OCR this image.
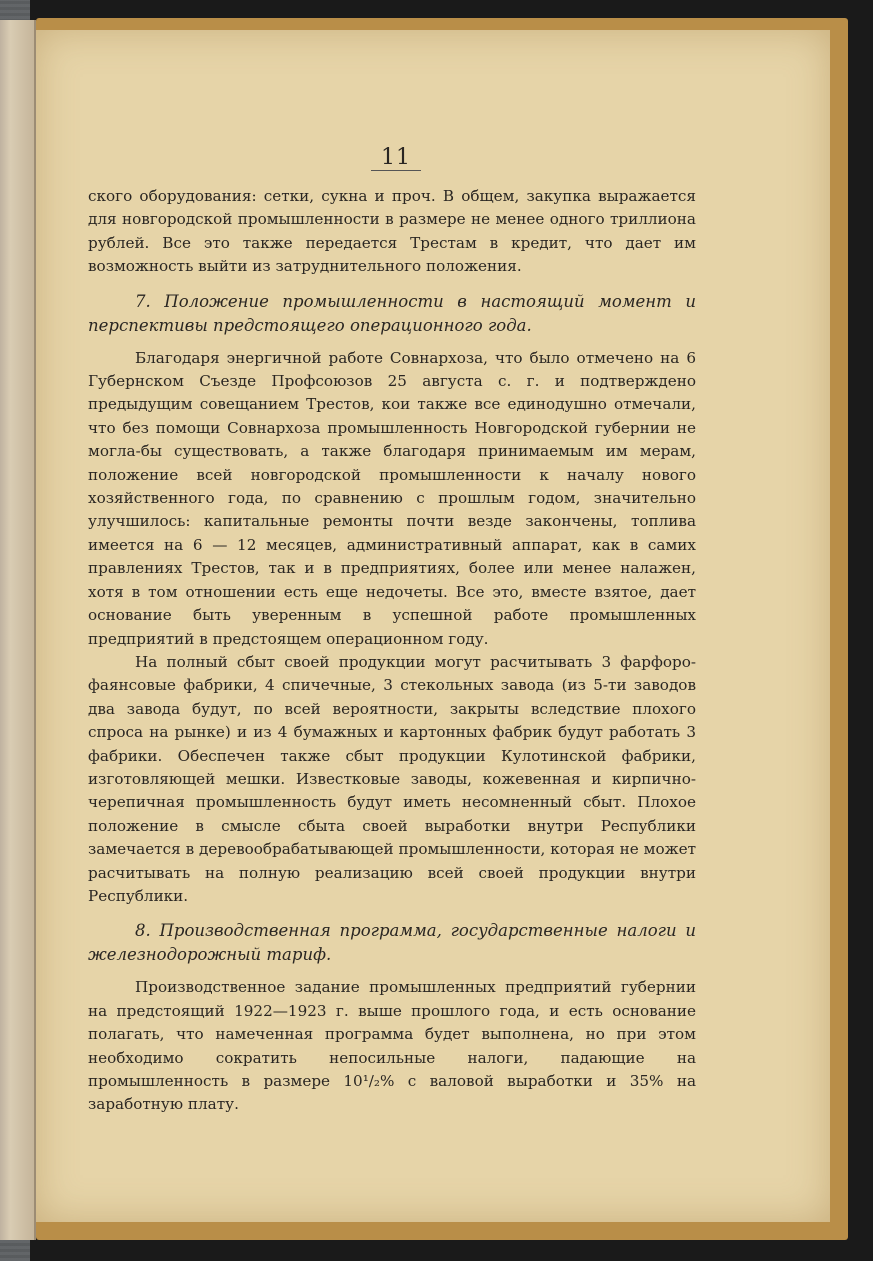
11

ского оборудования: сетки, сукна и проч. В общем, закупка выражается для новгородской промышленности в размере не менее одного триллиона рублей. Все это также передается Трестам в кредит, что дает им возможность выйти из затруднительного положения.

7. Положение промышленности в настоящий момент и перспективы предстоящего операционного года.

Благодаря энергичной работе Совнархоза, что было отмечено на 6 Губернском Съезде Профсоюзов 25 августа с. г. и подтверждено предыдущим совещанием Трестов, кои также все единодушно отмечали, что без помощи Совнархоза промышленность Новгородской губернии не могла-бы существовать, а также благодаря принимаемым им мерам, положение всей новгородской промышленности к началу нового хозяйственного года, по сравнению с прошлым годом, значительно улучшилось: капитальные ремонты почти везде закончены, топлива имеется на 6 — 12 месяцев, административный аппарат, как в самих правлениях Трестов, так и в предприятиях, более или менее налажен, хотя в том отношении есть еще недочеты. Все это, вместе взятое, дает основание быть уверенным в успешной работе промышленных предприятий в предстоящем операционном году.

На полный сбыт своей продукции могут расчитывать 3 фарфоро-фаянсовые фабрики, 4 спичечные, 3 стекольных завода (из 5-ти заводов два завода будут, по всей вероятности, закрыты вследствие плохого спроса на рынке) и из 4 бумажных и картонных фабрик будут работать 3 фабрики. Обеспечен также сбыт продукции Кулотинской фабрики, изготовляющей мешки. Известковые заводы, кожевенная и кирпично-черепичная промышленность будут иметь несомненный сбыт. Плохое положение в смысле сбыта своей выработки внутри Республики замечается в деревообрабатывающей промышленности, которая не может расчитывать на полную реализацию всей своей продукции внутри Республики.

8. Производственная программа, государственные налоги и железнодорожный тариф.

Производственное задание промышленных предприятий губернии на предстоящий 1922—1923 г. выше прошлого года, и есть основание полагать, что намеченная программа будет выполнена, но при этом необходимо сократить непосильные налоги, падающие на промышленность в размере 10¹/₂% с валовой выработки и 35% на заработную плату.
